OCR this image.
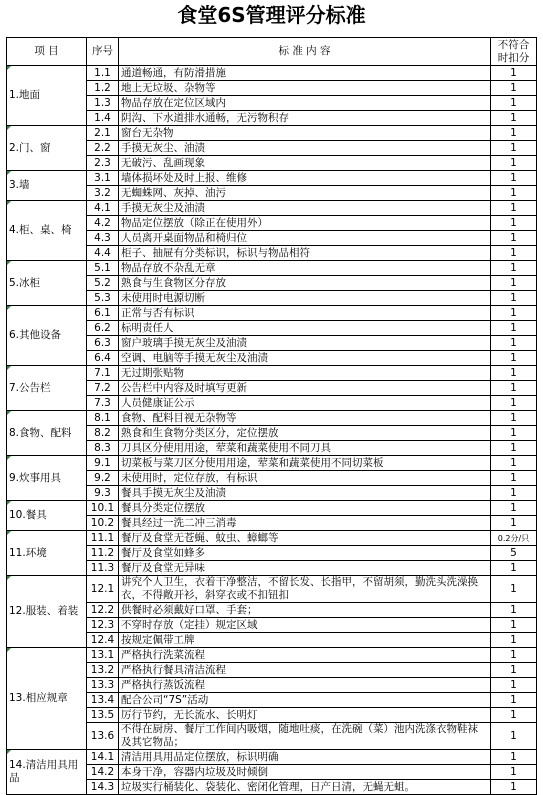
食堂6S管理评分标准
项 目	序号	标 准 内 容	不符合时扣分

1.地面	1.1	通道畅通，有防滑措施	1
	1.2	地上无垃圾、杂物等	1
	1.3	物品存放在定位区域内	1
	1.4	阴沟、下水道排水通畅，无污物积存	1

2.门、窗	2.1	窗台无杂物	1
	2.2	手摸无灰尘、油渍	1
	2.3	无破污、乱画现象	1

3.墙	3.1	墙体损坏处及时上报、维修	1
	3.2	无蜘蛛网、灰掉、油污	1

4.柜、桌、椅	4.1	手摸无灰尘及油渍	1
	4.2	物品定位摆放（除正在使用外）	1
	4.3	人员离开桌面物品和椅归位	1
	4.4	柜子、抽屉有分类标识，标识与物品相符	1

5.冰柜	5.1	物品存放不杂乱无章	1
	5.2	熟食与生食物区分存放	1
	5.3	未使用时电源切断	1

6.其他设备	6.1	正常与否有标识	1
	6.2	标明责任人	1
	6.3	窗户玻璃手摸无灰尘及油渍	1
	6.4	空调、电脑等手摸无灰尘及油渍	1

7.公告栏	7.1	无过期张贴物	1
	7.2	公告栏中内容及时填写更新	1
	7.3	人员健康证公示	1

8.食物、配料	8.1	食物、配料目视无杂物等	1
	8.2	熟食和生食物分类区分，定位摆放	1
	8.3	刀具区分使用用途，荤菜和蔬菜使用不同刀具	1

9.炊事用具	9.1	切菜板与菜刀区分使用用途，荤菜和蔬菜使用不同切菜板	1
	9.2	未使用时，定位存放，有标识	1
	9.3	餐具手摸无灰尘及油渍	1

10.餐具	10.1	餐具分类定位摆放	1
	10.2	餐具经过一洗二冲三消毒	1

11.环境	11.1	餐厅及食堂无苍蝇、蚊虫、蟑螂等	0.2分/只
	11.2	餐厅及食堂如蜂多	5
	11.3	餐厅及食堂无异味	1

12.服装、着装	12.1	讲究个人卫生，衣着干净整洁，不留长发、长指甲，不留胡须，勤洗头洗澡换衣，不得敞开衫，斜穿衣或不扣钮扣	1
	12.2	供餐时必须戴好口罩、手套；	1
	12.3	不穿时存放（定挂）规定区域	1
	12.4	按规定佩带工牌	1

13.相应规章	13.1	严格执行洗菜流程	1
	13.2	严格执行餐具清洁流程	1
	13.3	严格执行蒸饭流程	1
	13.4	配合公司“7S”活动	1
	13.5	厉行节约，无长流水、长明灯	1
	13.6	不得在厨房、餐厅工作间内吸烟，随地吐痰，在洗碗（菜）池内洗涤衣物鞋袜及其它物品；	1

14.清洁用具用品	14.1	清洁用具用品定位摆放，标识明确	1
	14.2	本身干净，容器内垃圾及时倾倒	1
	14.3	垃圾实行桶装化、袋装化、密闭化管理，日产日清，无蝇无蛆。	1
